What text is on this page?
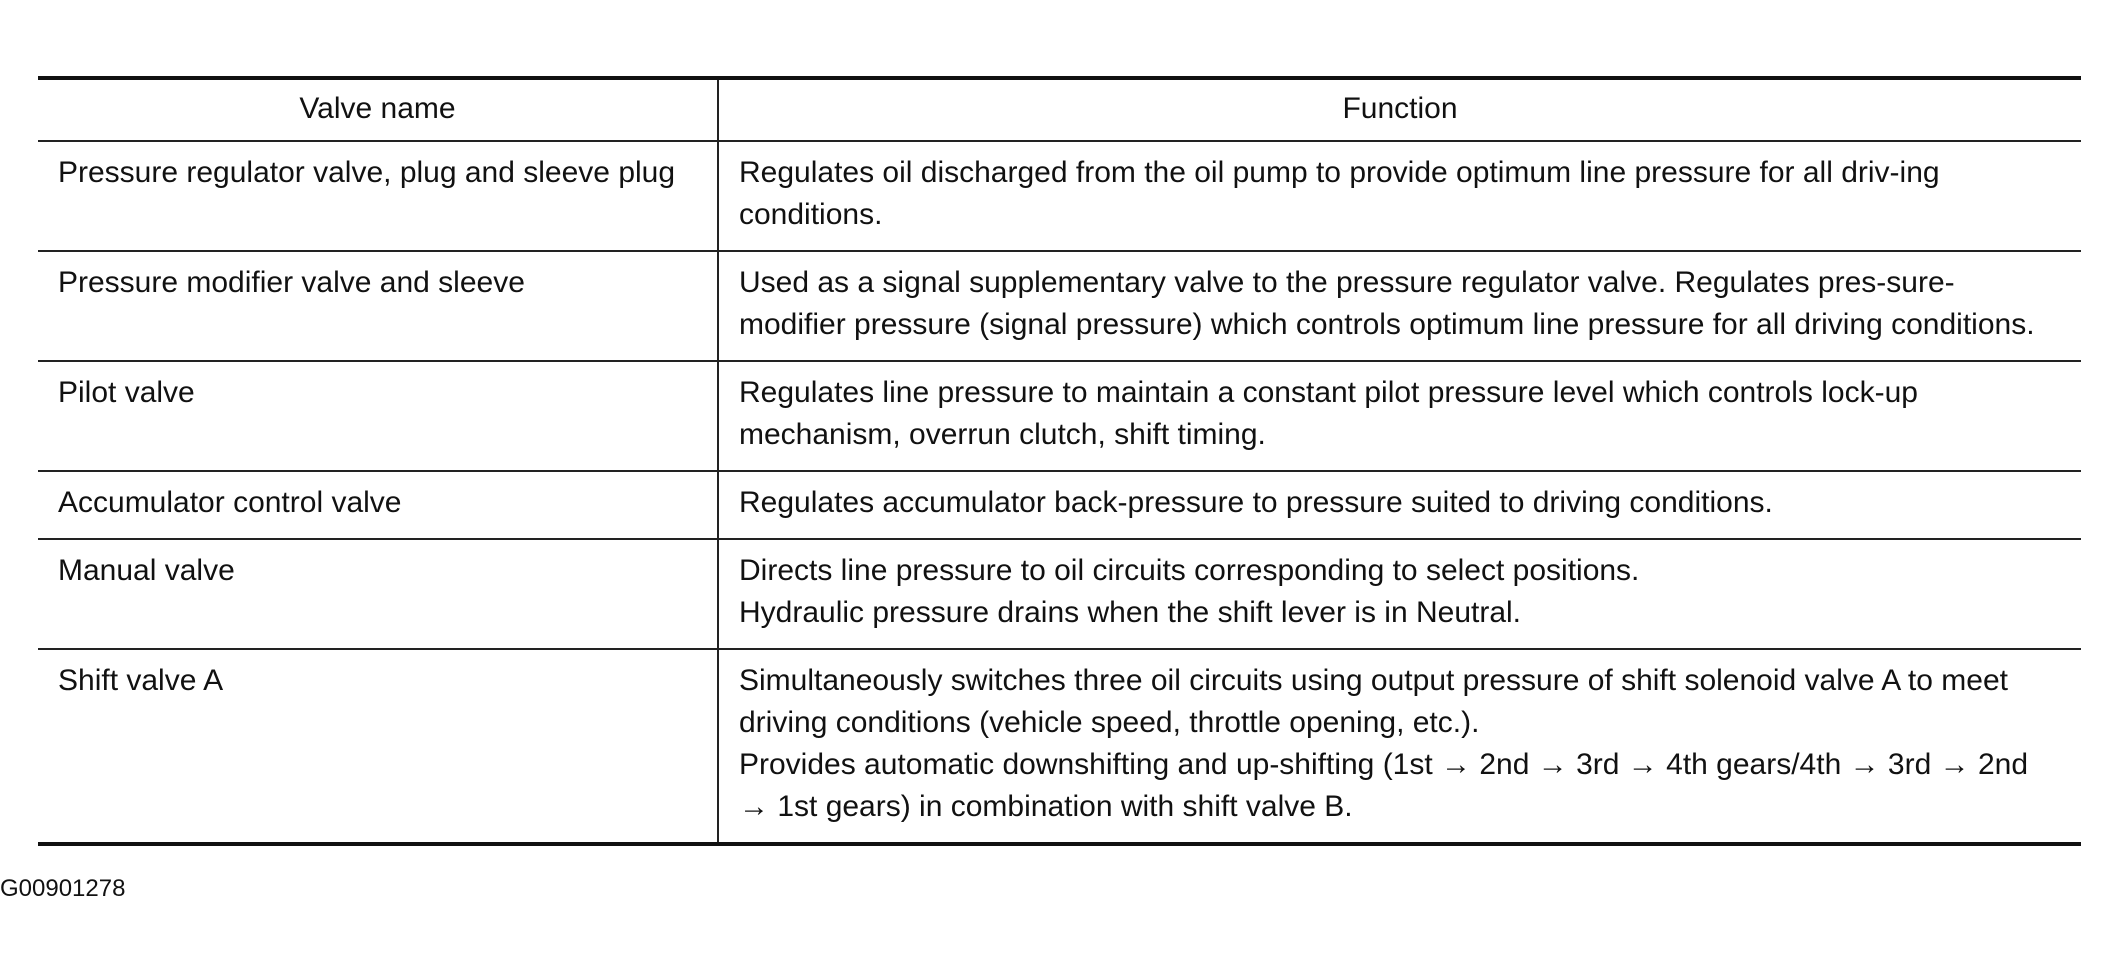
Valve name	Function
Pressure regulator valve, plug and sleeve plug	Regulates oil discharged from the oil pump to provide optimum line pressure for all driv-ing conditions.

Pressure modifier valve and sleeve	Used as a signal supplementary valve to the pressure regulator valve. Regulates pres-sure-modifier pressure (signal pressure) which controls optimum line pressure for all driving conditions.

Pilot valve	Regulates line pressure to maintain a constant pilot pressure level which controls lock-up mechanism, overrun clutch, shift timing.

Accumulator control valve	Regulates accumulator back-pressure to pressure suited to driving conditions.

Manual valve	Directs line pressure to oil circuits corresponding to select positions.
Hydraulic pressure drains when the shift lever is in Neutral.

Shift valve A	Simultaneously switches three oil circuits using output pressure of shift solenoid valve A to meet driving conditions (vehicle speed, throttle opening, etc.).
Provides automatic downshifting and up-shifting (1st → 2nd → 3rd → 4th gears/4th → 3rd → 2nd → 1st gears) in combination with shift valve B.
G00901278
